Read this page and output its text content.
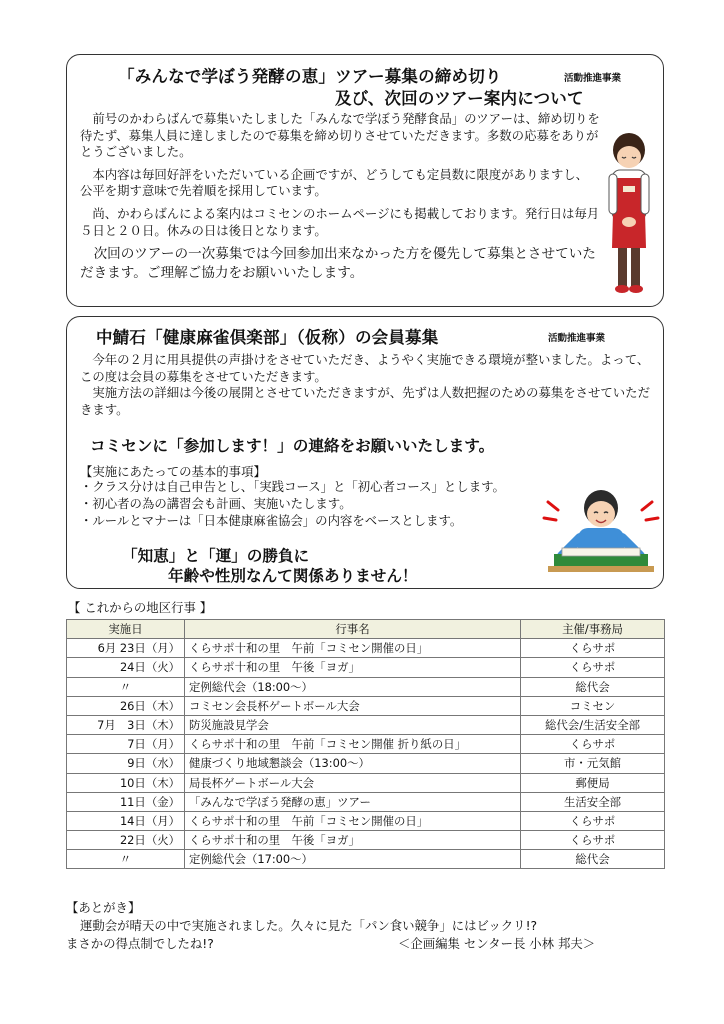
「みんなで学ぼう発酵の恵」ツアー募集の締め切り
及び、次回のツアー案内について
活動推進事業

前号のかわらばんで募集いたしました「みんなで学ぼう発酵食品」のツアーは、締め切りを待たず、募集人員に達しましたので募集を締め切りさせていただきます。多数の応募をありがとうございました。

本内容は毎回好評をいただいている企画ですが、どうしても定員数に限度がありますし、公平を期す意味で先着順を採用しています。

尚、かわらばんによる案内はコミセンのホームページにも掲載しております。発行日は毎月５日と２０日。休みの日は後日となります。

次回のツアーの一次募集では今回参加出来なかった方を優先して募集とさせていただきます。ご理解ご協力をお願いいたします。

中鯖石「健康麻雀倶楽部」（仮称）の会員募集	活動推進事業

今年の２月に用具提供の声掛けをさせていただき、ようやく実施できる環境が整いました。よって、この度は会員の募集をさせていただきます。

実施方法の詳細は今後の展開とさせていただきますが、先ずは人数把握のための募集をさせていただきます。

コミセンに「参加します！」の連絡をお願いいたします。
【実施にあたっての基本的事項】
・クラス分けは自己申告とし、「実践コース」と「初心者コース」とします。
・初心者の為の講習会も計画、実施いたします。
・ルールとマナーは「日本健康麻雀協会」の内容をベースとします。
「知恵」と「運」の勝負に
年齢や性別なんて関係ありません！
【 これからの地区行事 】
実施日	行事名	主催/事務局
6月 23日（月）	くらサポ十和の里　午前「コミセン開催の日」	くらサポ
24日（火）	くらサポ十和の里　午後「ヨガ」	くらサポ
〃	定例総代会（18:00～）	総代会
26日（木）	コミセン会長杯ゲートボール大会	コミセン
7月　3日（木）	防災施設見学会	総代会/生活安全部
7日（月）	くらサポ十和の里　午前「コミセン開催 折り紙の日」	くらサポ
9日（水）	健康づくり地域懇談会（13:00～）	市・元気館
10日（木）	局長杯ゲートボール大会	郵便局
11日（金）	「みんなで学ぼう発酵の恵」ツアー	生活安全部
14日（月）	くらサポ十和の里　午前「コミセン開催の日」	くらサポ
22日（火）	くらサポ十和の里　午後「ヨガ」	くらサポ
〃	定例総代会（17:00～）	総代会
【あとがき】
運動会が晴天の中で実施されました。久々に見た「パン食い競争」にはビックリ!?
まさかの得点制でしたね!?	＜企画編集 センター長 小林 邦夫＞
